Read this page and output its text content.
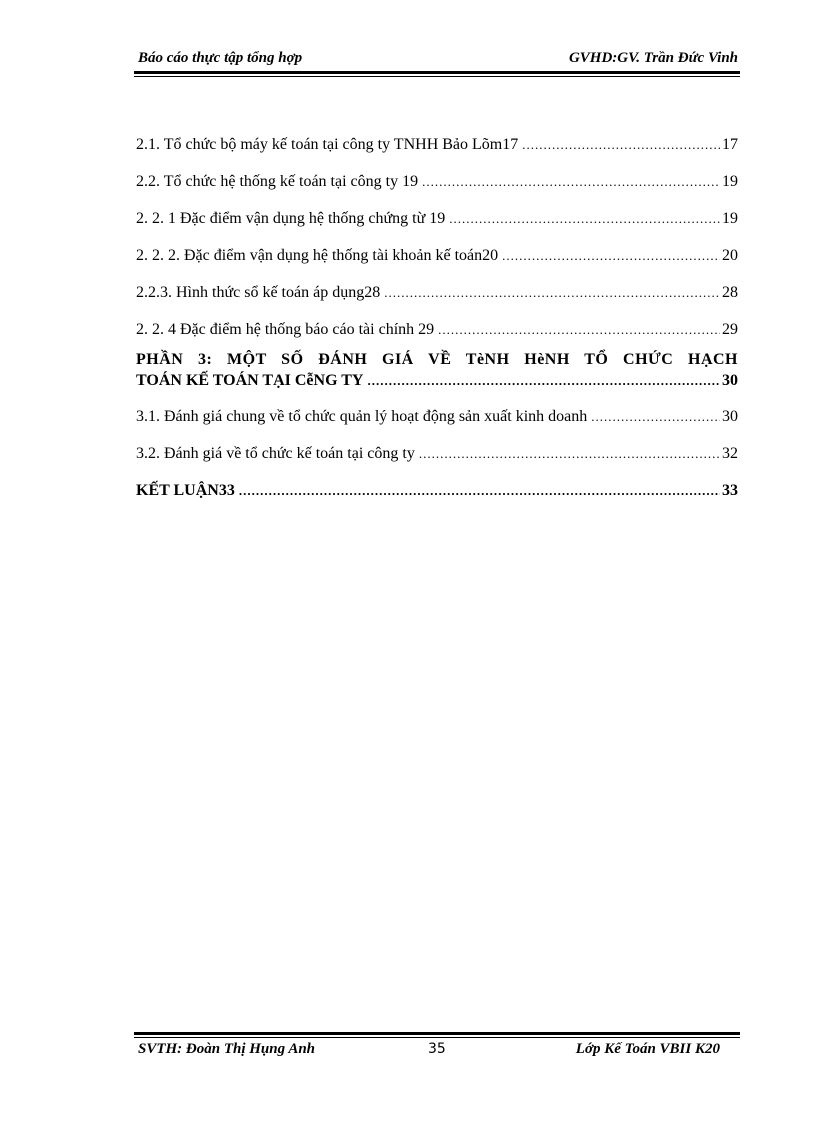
Báo cáo thực tập tổng hợp	GVHD:GV. Trần Đức Vinh
2.1. Tổ chức bộ máy kế toán tại công ty TNHH Bảo Lõm17 .....	17
2.2. Tổ chức hệ thống kế toán tại công ty 19 .....	19
2. 2. 1 Đặc điểm vận dụng hệ thống chứng từ 19 .....	19
2. 2. 2. Đặc điểm vận dụng hệ thống tài khoản kế toán20 .....	20
2.2.3. Hình thức sổ kế toán áp dụng28 .....	28
2. 2. 4 Đặc điểm hệ thống báo cáo tài chính 29 .....	29
PHẦN 3: MỘT SỐ ĐÁNH GIÁ VỀ TèNH HèNH TỔ CHỨC HẠCH
TOÁN KẾ TOÁN TẠI CễNG TY .....	30
3.1. Đánh giá chung về tổ chức quản lý hoạt động sản xuất kinh doanh .....	30
3.2. Đánh giá về tổ chức kế toán tại công ty .....	32
KẾT LUẬN33 .....	33
SVTH: Đoàn Thị Hụng Anh	35	Lớp Kế Toán VBII K20
